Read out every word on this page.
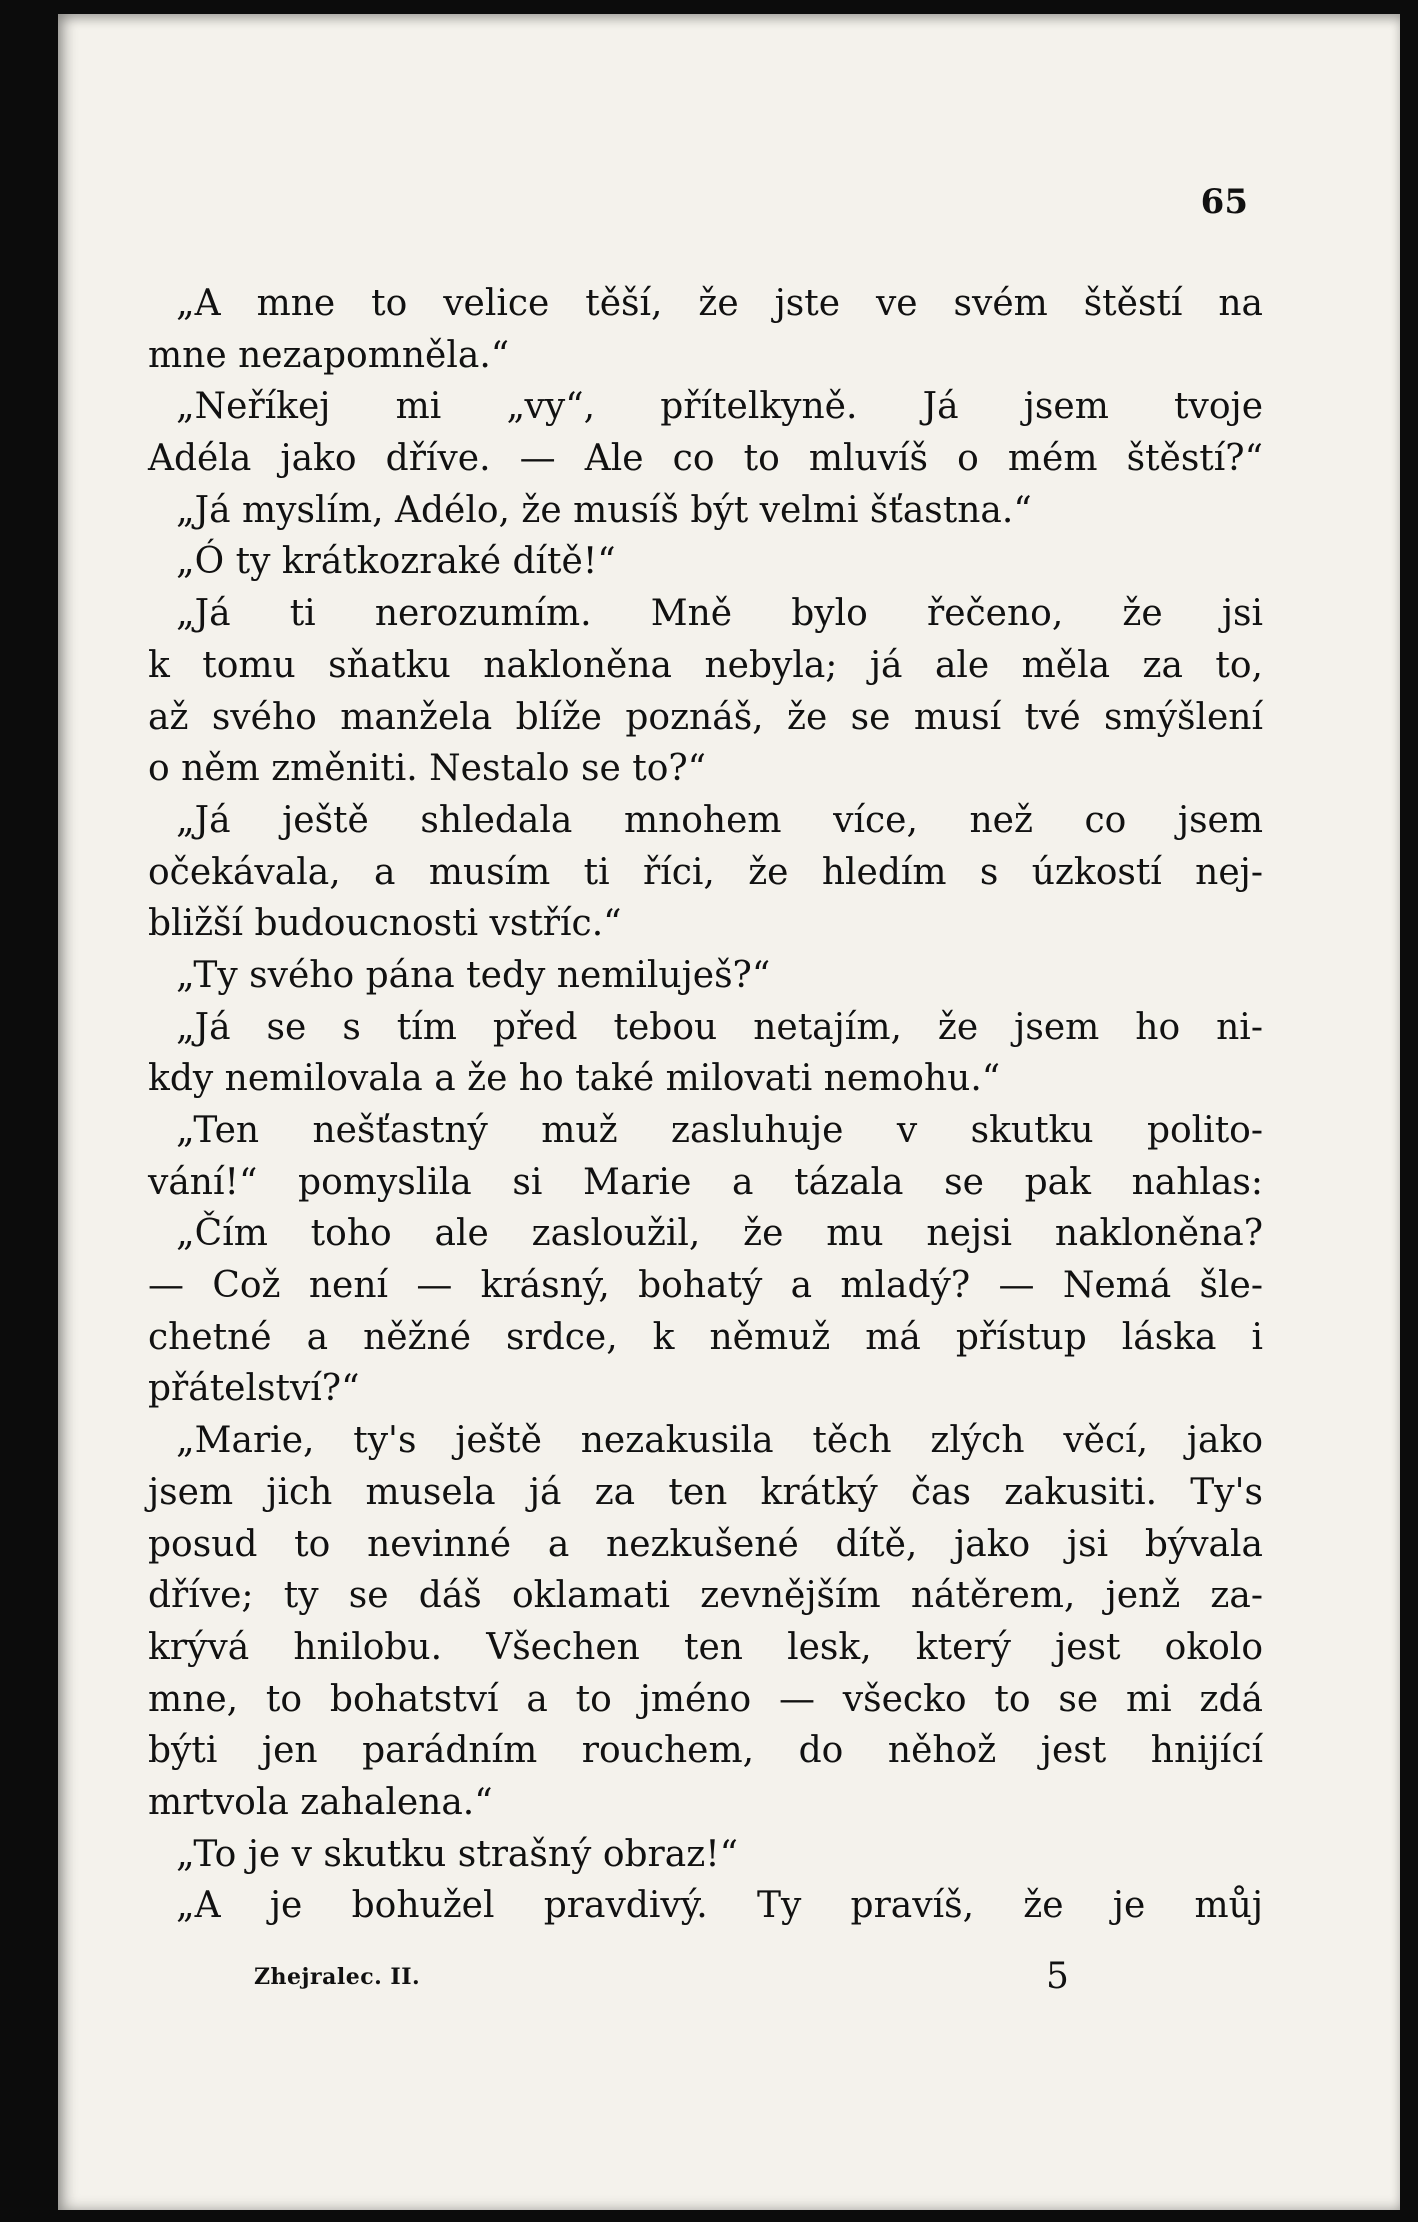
65
„A mne to velice těší, že jste ve svém štěstí na
mne nezapomněla.“
„Neříkej mi „vy“, přítelkyně. Já jsem tvoje
Adéla jako dříve. — Ale co to mluvíš o mém štěstí?“
„Já myslím, Adélo, že musíš být velmi šťastna.“
„Ó ty krátkozraké dítě!“
„Já ti nerozumím. Mně bylo řečeno, že jsi
k tomu sňatku nakloněna nebyla; já ale měla za to,
až svého manžela blíže poznáš, že se musí tvé smýšlení
o něm změniti. Nestalo se to?“
„Já ještě shledala mnohem více, než co jsem
očekávala, a musím ti říci, že hledím s úzkostí nej-
bližší budoucnosti vstříc.“
„Ty svého pána tedy nemiluješ?“
„Já se s tím před tebou netajím, že jsem ho ni-
kdy nemilovala a že ho také milovati nemohu.“
„Ten nešťastný muž zasluhuje v skutku polito-
vání!“ pomyslila si Marie a tázala se pak nahlas:
„Čím toho ale zasloužil, že mu nejsi nakloněna?
— Což není — krásný, bohatý a mladý? — Nemá šle-
chetné a něžné srdce, k němuž má přístup láska i
přátelství?“
„Marie, ty's ještě nezakusila těch zlých věcí, jako
jsem jich musela já za ten krátký čas zakusiti. Ty's
posud to nevinné a nezkušené dítě, jako jsi bývala
dříve; ty se dáš oklamati zevnějším nátěrem, jenž za-
krývá hnilobu. Všechen ten lesk, který jest okolo
mne, to bohatství a to jméno — všecko to se mi zdá
býti jen parádním rouchem, do něhož jest hnijící
mrtvola zahalena.“
„To je v skutku strašný obraz!“
„A je bohužel pravdivý. Ty pravíš, že je můj
Zhejralec. II.	5
